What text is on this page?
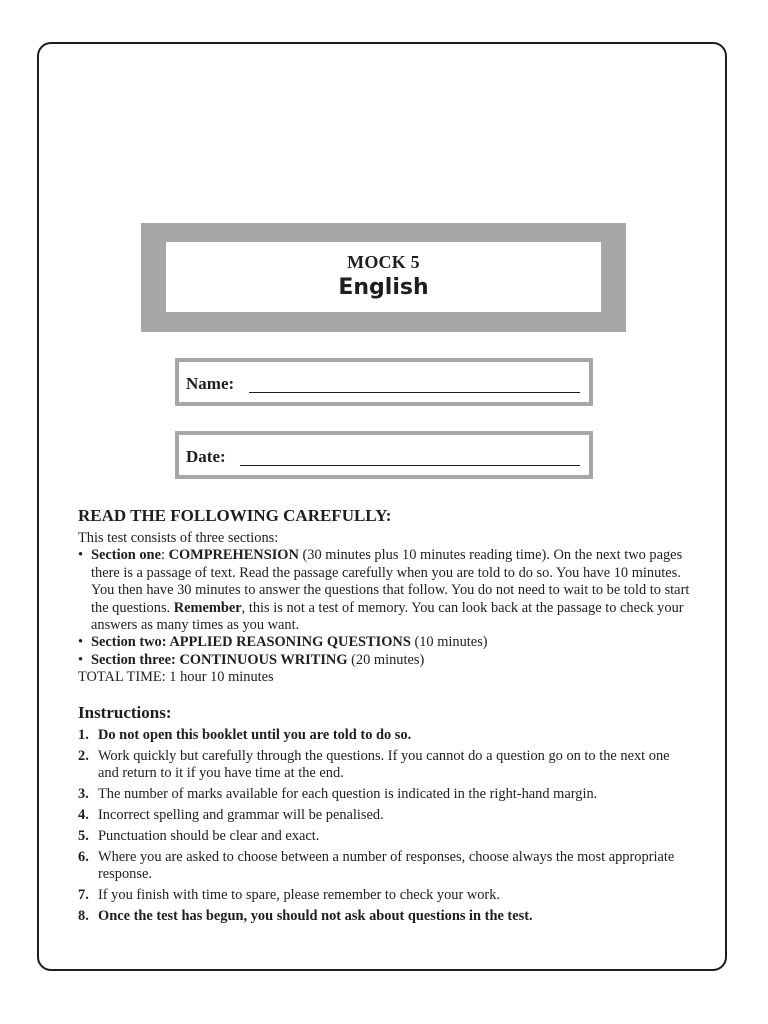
MOCK 5
English
Name:
Date:
READ THE FOLLOWING CAREFULLY:

This test consists of three sections:

• Section one: COMPREHENSION (30 minutes plus 10 minutes reading time). On the next two pages there is a passage of text. Read the passage carefully when you are told to do so. You have 10 minutes. You then have 30 minutes to answer the questions that follow. You do not need to wait to be told to start the questions. Remember, this is not a test of memory. You can look back at the passage to check your answers as many times as you want.
• Section two: APPLIED REASONING QUESTIONS (10 minutes)
• Section three: CONTINUOUS WRITING (20 minutes)

TOTAL TIME: 1 hour 10 minutes

Instructions:
1. Do not open this booklet until you are told to do so.
2. Work quickly but carefully through the questions. If you cannot do a question go on to the next one and return to it if you have time at the end.
3. The number of marks available for each question is indicated in the right-hand margin.
4. Incorrect spelling and grammar will be penalised.
5. Punctuation should be clear and exact.
6. Where you are asked to choose between a number of responses, choose always the most appropriate response.
7. If you finish with time to spare, please remember to check your work.
8. Once the test has begun, you should not ask about questions in the test.
